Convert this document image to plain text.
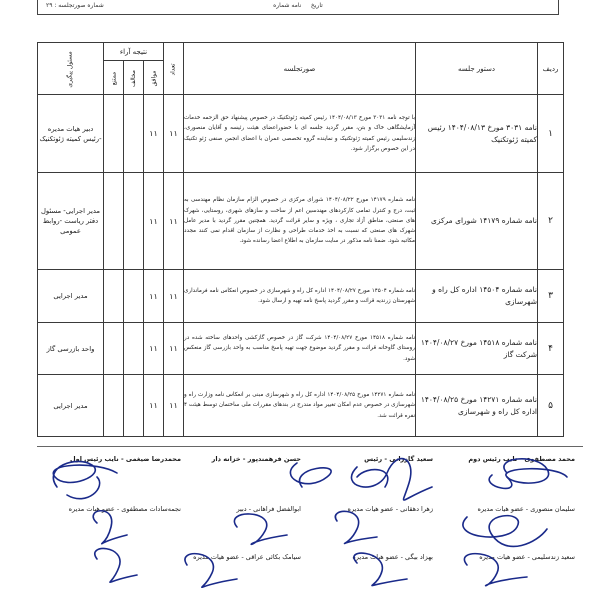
شماره صورتجلسه : ۲۹	تاریخ     نامه شماره
ردیف	دستور جلسه	صورتجلسه	تعداد	نتیجه آراء			مسئول پیگیری
				موافق	مخالف	ممتنع	
۱	نامه ۳۰۳۱ مورخ ۱۴۰۴/۰۸/۱۳ رئیس کمیته ژئوتکنیک	با توجه نامه ۳۰۳۱ مورخ ۱۴۰۴/۰۸/۱۳ رئیس کمیته ژئوتکنیک در خصوص پیشنهاد حق الزحمه خدمات آزمایشگاهی خاک و بتن، مقرر گردید جلسه ای با حضوراعضای هیئت رئیسه و آقایان منصوری، زندسلیمی رئیس کمیته ژئوتکنیک و نماینده گروه تخصصی عمران با اعضای انجمن صنفی ژئو تکنیک در این خصوص برگزار شود.	۱۱	۱۱			دبیر هیات مدیره -رئیس کمیته ژئوتکنیک
۲	نامه شماره ۱۴۱۷۹ شورای مرکزی	نامه شماره ۱۴۱۷۹ مورخ ۱۴۰۴/۰۸/۲۲ شورای مرکزی در خصوص الزام سازمان نظام مهندسی به ثبت، درج و کنترل تمامی کارکردهای مهندسین اعم از ساخت و سازهای شهری، روستایی، شهرک های صنعتی، مناطق آزاد تجاری ، ویژه و سایر قرائت گردید. همچنین مقرر گردید با مدیر عامل شهرک های صنعتی که نسبت به اخذ خدمات طراحی و نظارت از سازمان اقدام نمی کنند مجدد مکاتبه شود. ضمنا نامه مذکور در سایت سازمان به اطلاع اعضا رسانده شود.	۱۱	۱۱			مدیر اجرایی- مسئول دفتر ریاست -روابط عمومی
۳	نامه شماره ۱۴۵۰۴ اداره کل راه و شهرسازی	نامه شماره ۱۴۵۰۴ مورخ ۱۴۰۴/۰۸/۲۷ اداره کل راه و شهرسازی در خصوص انعکاس نامه فرمانداری شهرستان زرندیه قرائت و مقرر گردید پاسخ نامه تهیه و ارسال شود.	۱۱	۱۱			مدیر اجرایی
۴	نامه شماره ۱۴۵۱۸ مورخ ۱۴۰۴/۰۸/۲۷ شرکت گاز	نامه شماره ۱۴۵۱۸ مورخ ۱۴۰۴/۰۸/۲۷ شرکت گاز در خصوص گازکشی واحدهای ساخته شده در روستای گاوخانه قرائت و مقرر گردید موضوع جهت تهیه پاسخ مناسب به واحد بازرسی گاز منعکس شود.	۱۱	۱۱			واحد بازرسی گاز
۵	نامه شماره ۱۴۲۷۱ مورخ ۱۴۰۴/۰۸/۲۵ اداره کل راه و شهرسازی	نامه شماره ۱۴۲۷۱ مورخ ۱۴۰۴/۰۸/۲۵ اداره کل راه و شهرسازی مبنی بر انعکاس نامه وزارت راه و شهرسازی در خصوص عدم امکان تغییر مواد مندرج در بندهای مقررات ملی ساختمان توسط هیئت ۴ نفره قرائت شد.	۱۱	۱۱			مدیر اجرایی
محمد مصطفوی - نایب رئیس دوم
سعید گازرانی - رئیس
حسن فرهمندپور - خزانه دار
محمدرضا ضیغمی - نایب رئیس اول
سلیمان منصوری - عضو هیات مدیره
زهرا دهقانی - عضو هیات مدیره
ابوالفضل فراهانی - دبیر
نجمه‌سادات مصطفوی - عضو هیات مدیره
سعید زندسلیمی - عضو هیات مدیره
بهزاد بیگی - عضو هیات مدیره
سیامک بکائی عراقی - عضو هیات مدیره
